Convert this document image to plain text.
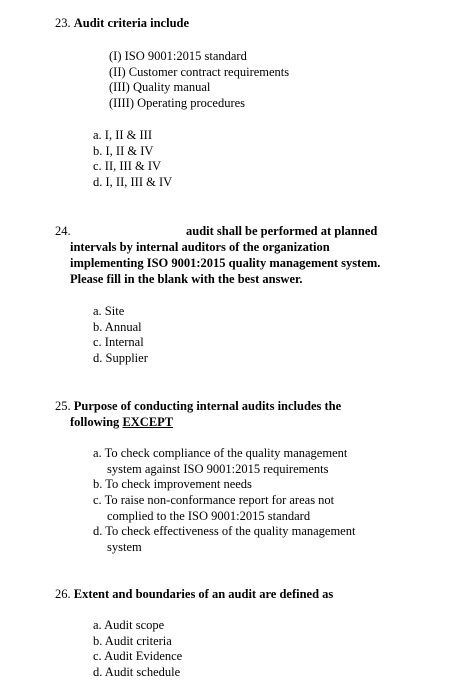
23. Audit criteria include
(I) ISO 9001:2015 standard
(II) Customer contract requirements
(III) Quality manual
(IIII) Operating procedures
a. I, II & III
b. I, II & IV
c. II, III & IV
d. I, II, III & IV
24.	audit shall be performed at planned
intervals by internal auditors of the organization
implementing ISO 9001:2015 quality management system.
Please fill in the blank with the best answer.
a. Site
b. Annual
c. Internal
d. Supplier
25. Purpose of conducting internal audits includes the
following EXCEPT
a. To check compliance of the quality management
system against ISO 9001:2015 requirements
b. To check improvement needs
c. To raise non-conformance report for areas not
complied to the ISO 9001:2015 standard
d. To check effectiveness of the quality management
system
26. Extent and boundaries of an audit are defined as
a. Audit scope
b. Audit criteria
c. Audit Evidence
d. Audit schedule
